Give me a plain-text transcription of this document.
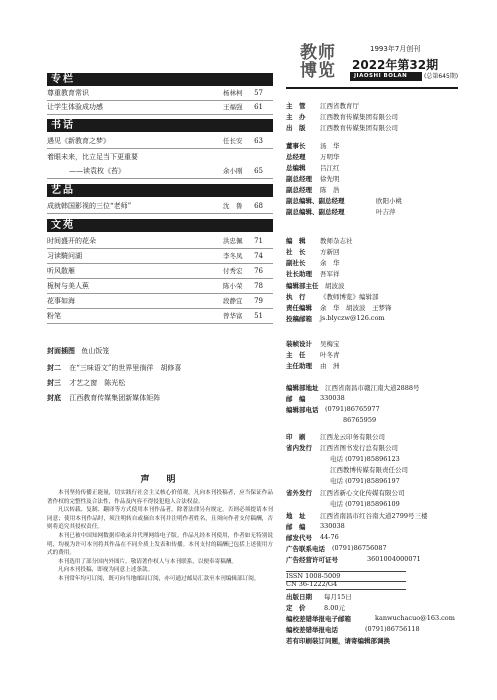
专栏
尊重教育常识	杨林柯 57
让学生体验成功感	王福强 61
书话
遇见《新教育之梦》	任长安 63
着眼未来，比立足当下更重要
——读袁枚《苔》	余小刚 65
艺品
成就韩国影视的三位“老师”	沈　鲁 68
文苑
时间盛开的花朵	洪忠佩 71
习读騎问湖	李冬凤 74
听风散雁	付秀宏 76
栀树与美人蕉	陈小荣 78
花事如海	段静宜 79
粉笔	曾华富 51
封面插图 鱼山饭笼
封二 在“三味语文”的世界里徜徉　胡修喜
封三 才艺之窗　陈光松
封底 江西教育传媒集团新媒体矩阵
声　明

本刊坚持传播正能量，切实践行社会主义核心价值观。凡向本刊投稿者，应当保证作品著作权的完整性及合法性，作品及内容不得侵犯他人合法权益。

凡以转载、复制、翻译等方式使用本刊作品者，除著法律另有规定，否则必须提请本刊同意；使用本刊作品时，须注明转自或摘自本刊并注明作者姓名，且须向作者支付稿酬，否则将追究其侵权责任。

本刊已被中国知网数据库收录并代理网络电子版。作品凡经本刊使用，作者如无特别说明，均视为许可本刊将其作品在不同介质上发表和传播。本刊支付的稿酬已包括上述使用方式的费用。

本刊选用了部分国内外图片，敬请著作权人与本刊联系，以便奉寄稿酬。

凡向本刊投稿，即视为同意上述条款。

本刊常年均可订阅，既可向当地邮局订阅，亦可通过邮局汇款至本刊编辑部订阅。

教师博览
1993年7月创刊
2022年第32期
JIAOSHI BOLAN	(总第645期)
主　管 江西省教育厅
主　办 江西教育传媒集团有限公司
出　版 江西教育传媒集团有限公司
董事长 汤　华
总经理 万明华
总编辑 吕江红
副总经理 徐先明
副总经理 陈　浩
副总编辑、副总经理	欧阳小桃
副总编辑、副总经理	叶吉萍
编　辑 教师杂志社
社　长 方新回
副社长 余　华
社长助理 吾军祥
编辑部主任 胡波波
执　行 《教师博览》编辑部
责任编辑 余　华　胡波波　王梦锋
投稿邮箱 js.blyczw@126.com
装帧设计 吴梅宝
主　任 叶冬青
主任助理 由　洲
编辑部地址 江西省南昌市赣江南大道2888号
邮　编 330038
编辑部电话 (0791)86765977
86765959
印　刷 江西龙云印务有限公司
省内发行 江西省图书发行总有限公司
电话 (0791)85896123
江西教博传媒有限责任公司
电话 (0791)85896197
省外发行 江西省新心文化传媒有限公司
电话 (0791)85896109
地　址 江西省南昌市红谷南大道2799号三楼
邮　编 330038
邮发代号 44-76
广告联系电话 (0791)86756087
广告经营许可证号	3601004000071
ISSN 1008-5009
CN 36-1222/G4
出版日期 每月15日
定　价	8.00元
编校差错举报电子邮箱	kanwuchacuo@163.com
编校差错举报电话	(0791)86756118
若有印刷装订问题，请寄编辑部调换
